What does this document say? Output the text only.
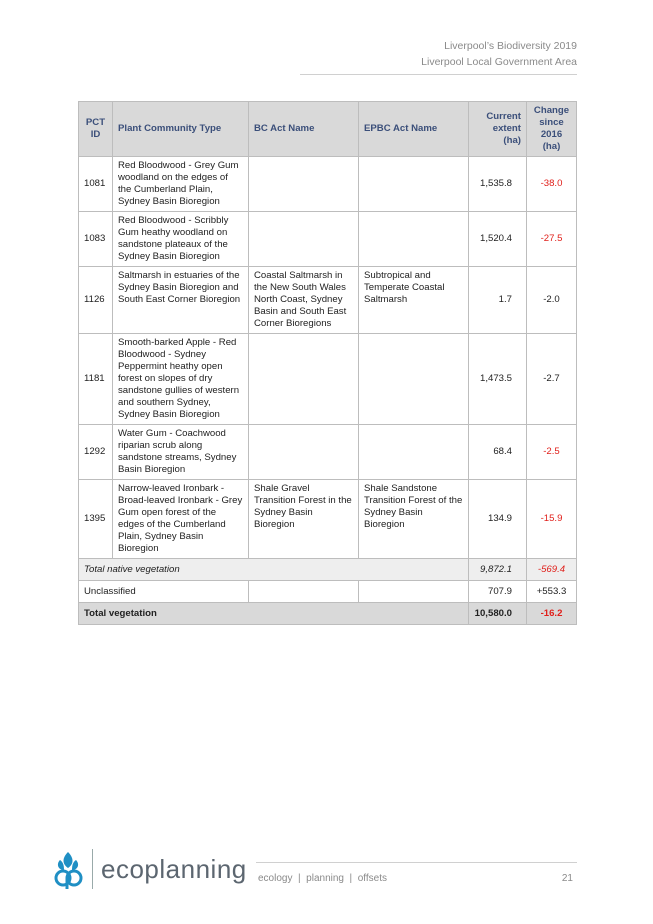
Liverpool’s Biodiversity 2019
Liverpool Local Government Area
PCT ID	Plant Community Type	BC Act Name	EPBC Act Name	Current extent (ha)	Change since 2016 (ha)
1081	Red Bloodwood - Grey Gum woodland on the edges of the Cumberland Plain, Sydney Basin Bioregion			1,535.8	-38.0
1083	Red Bloodwood - Scribbly Gum heathy woodland on sandstone plateaux of the Sydney Basin Bioregion			1,520.4	-27.5
1126	Saltmarsh in estuaries of the Sydney Basin Bioregion and South East Corner Bioregion	Coastal Saltmarsh in the New South Wales North Coast, Sydney Basin and South East Corner Bioregions	Subtropical and Temperate Coastal Saltmarsh	1.7	-2.0
1181	Smooth-barked Apple - Red Bloodwood - Sydney Peppermint heathy open forest on slopes of dry sandstone gullies of western and southern Sydney, Sydney Basin Bioregion			1,473.5	-2.7
1292	Water Gum - Coachwood riparian scrub along sandstone streams, Sydney Basin Bioregion			68.4	-2.5
1395	Narrow-leaved Ironbark - Broad-leaved Ironbark - Grey Gum open forest of the edges of the Cumberland Plain, Sydney Basin Bioregion	Shale Gravel Transition Forest in the Sydney Basin Bioregion	Shale Sandstone Transition Forest of the Sydney Basin Bioregion	134.9	-15.9
Total native vegetation				9,872.1	-569.4
Unclassified				707.9	+553.3
Total vegetation				10,580.0	-16.2
ecoplanning ecology  |  planning  |  offsets	21
